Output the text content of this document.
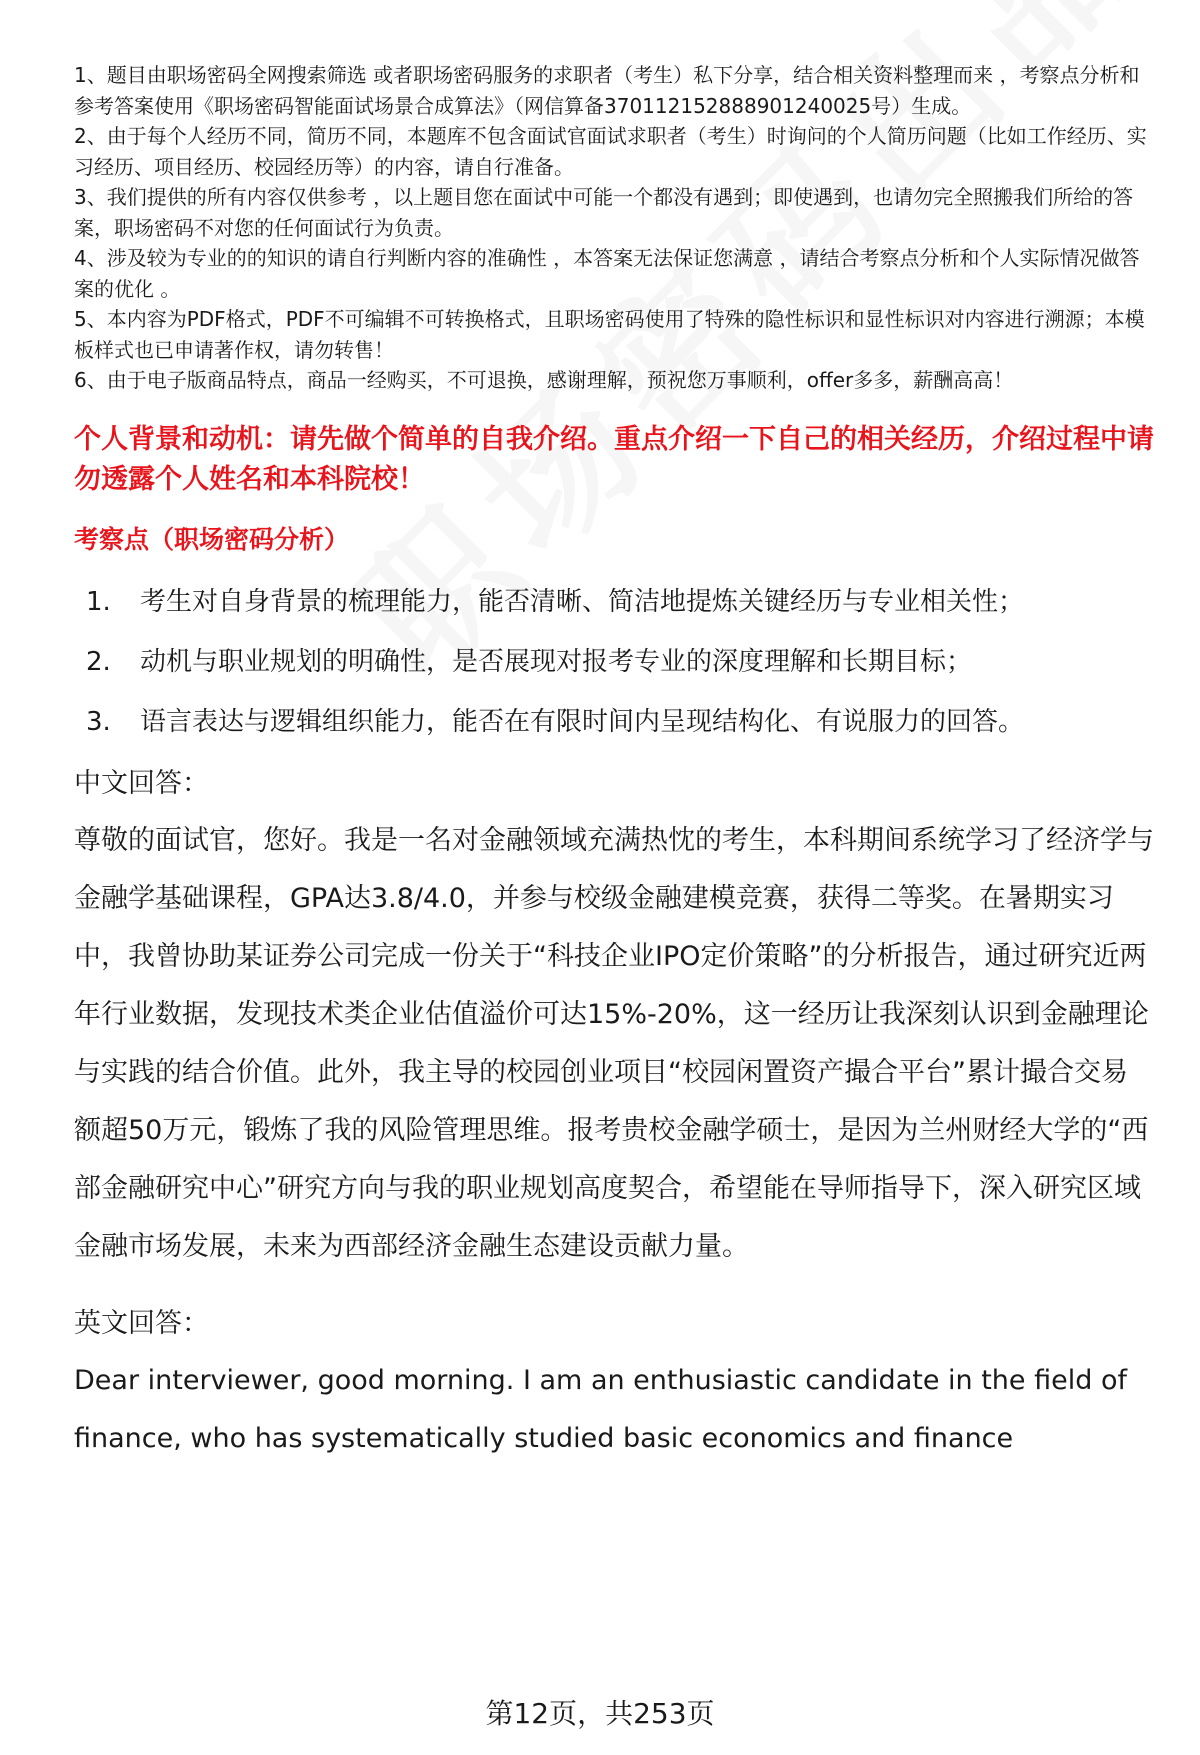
1、题目由职场密码全网搜索筛选 或者职场密码服务的求职者（考生）私下分享，结合相关资料整理而来 ，考察点分析和参考答案使用《职场密码智能面试场景合成算法》（网信算备370112152888901240025号）生成。
2、由于每个人经历不同，简历不同，本题库不包含面试官面试求职者（考生）时询问的个人简历问题（比如工作经历、实习经历、项目经历、校园经历等）的内容，请自行准备。
3、我们提供的所有内容仅供参考 ，以上题目您在面试中可能一个都没有遇到；即使遇到，也请勿完全照搬我们所给的答案，职场密码不对您的任何面试行为负责。
4、涉及较为专业的的知识的请自行判断内容的准确性 ，本答案无法保证您满意 ，请结合考察点分析和个人实际情况做答案的优化 。
5、本内容为PDF格式，PDF不可编辑不可转换格式，且职场密码使用了特殊的隐性标识和显性标识对内容进行溯源；本模板样式也已申请著作权，请勿转售！
6、由于电子版商品特点，商品一经购买，不可退换，感谢理解，预祝您万事顺利，offer多多，薪酬高高！
个人背景和动机：请先做个简单的自我介绍。重点介绍一下自己的相关经历，介绍过程中请勿透露个人姓名和本科院校！
考察点（职场密码分析）
1.	考生对自身背景的梳理能力，能否清晰、简洁地提炼关键经历与专业相关性；
2.	动机与职业规划的明确性，是否展现对报考专业的深度理解和长期目标；
3.	语言表达与逻辑组织能力，能否在有限时间内呈现结构化、有说服力的回答。
中文回答：
尊敬的面试官，您好。我是一名对金融领域充满热忱的考生，本科期间系统学习了经济学与金融学基础课程，GPA达3.8/4.0，并参与校级金融建模竞赛，获得二等奖。在暑期实习中，我曾协助某证券公司完成一份关于“科技企业IPO定价策略”的分析报告，通过研究近两年行业数据，发现技术类企业估值溢价可达15%-20%，这一经历让我深刻认识到金融理论与实践的结合价值。此外，我主导的校园创业项目“校园闲置资产撮合平台”累计撮合交易额超50万元，锻炼了我的风险管理思维。报考贵校金融学硕士，是因为兰州财经大学的“西部金融研究中心”研究方向与我的职业规划高度契合，希望能在导师指导下，深入研究区域金融市场发展，未来为西部经济金融生态建设贡献力量。
英文回答：
Dear interviewer, good morning. I am an enthusiastic candidate in the field of finance, who has systematically studied basic economics and finance
第12页，共253页
